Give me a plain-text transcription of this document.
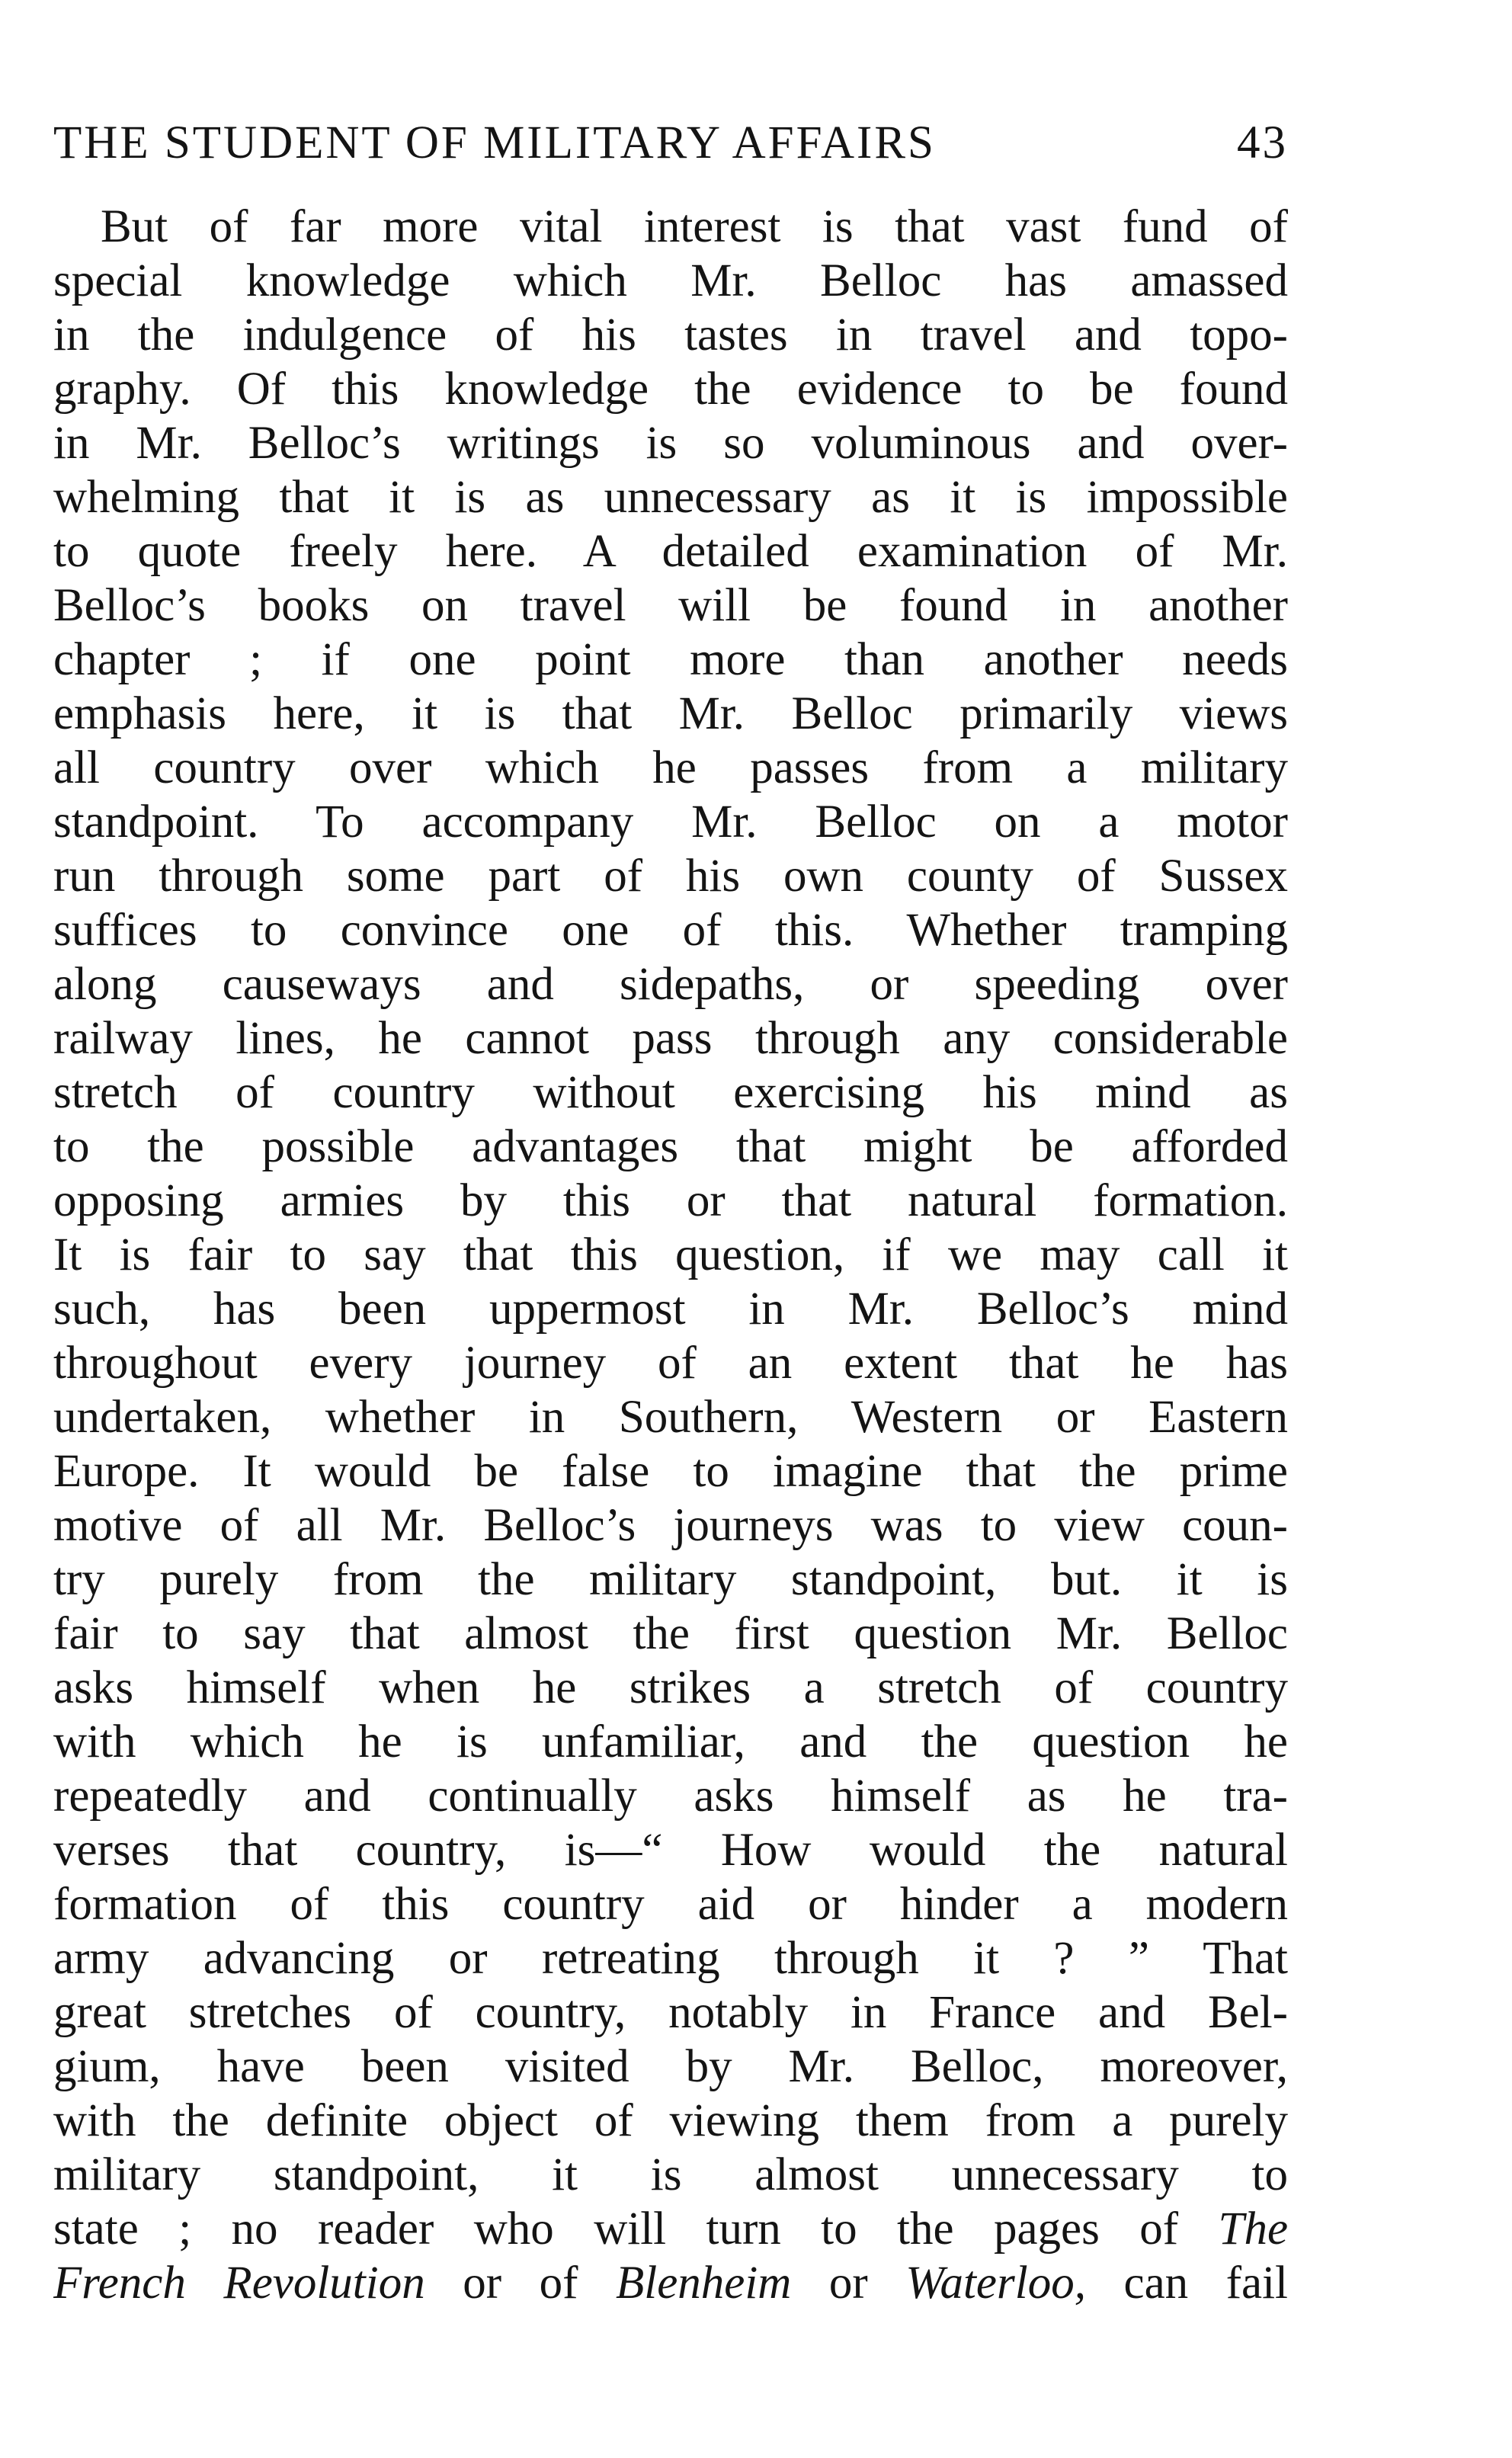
THE STUDENT OF MILITARY AFFAIRS	43
But of far more vital interest is that vast fund of
special knowledge which Mr. Belloc has amassed
in the indulgence of his tastes in travel and topo-
graphy. Of this knowledge the evidence to be found
in Mr. Belloc’s writings is so voluminous and over-
whelming that it is as unnecessary as it is impossible
to quote freely here. A detailed examination of Mr.
Belloc’s books on travel will be found in another
chapter ; if one point more than another needs
emphasis here, it is that Mr. Belloc primarily views
all country over which he passes from a military
standpoint. To accompany Mr. Belloc on a motor
run through some part of his own county of Sussex
suffices to convince one of this. Whether tramping
along causeways and sidepaths, or speeding over
railway lines, he cannot pass through any considerable
stretch of country without exercising his mind as
to the possible advantages that might be afforded
opposing armies by this or that natural formation.
It is fair to say that this question, if we may call it
such, has been uppermost in Mr. Belloc’s mind
throughout every journey of an extent that he has
undertaken, whether in Southern, Western or Eastern
Europe. It would be false to imagine that the prime
motive of all Mr. Belloc’s journeys was to view coun-
try purely from the military standpoint, but. it is
fair to say that almost the first question Mr. Belloc
asks himself when he strikes a stretch of country
with which he is unfamiliar, and the question he
repeatedly and continually asks himself as he tra-
verses that country, is—“ How would the natural
formation of this country aid or hinder a modern
army advancing or retreating through it ? ” That
great stretches of country, notably in France and Bel-
gium, have been visited by Mr. Belloc, moreover,
with the definite object of viewing them from a purely
military standpoint, it is almost unnecessary to
state ; no reader who will turn to the pages of The
French Revolution or of Blenheim or Waterloo, can fail
